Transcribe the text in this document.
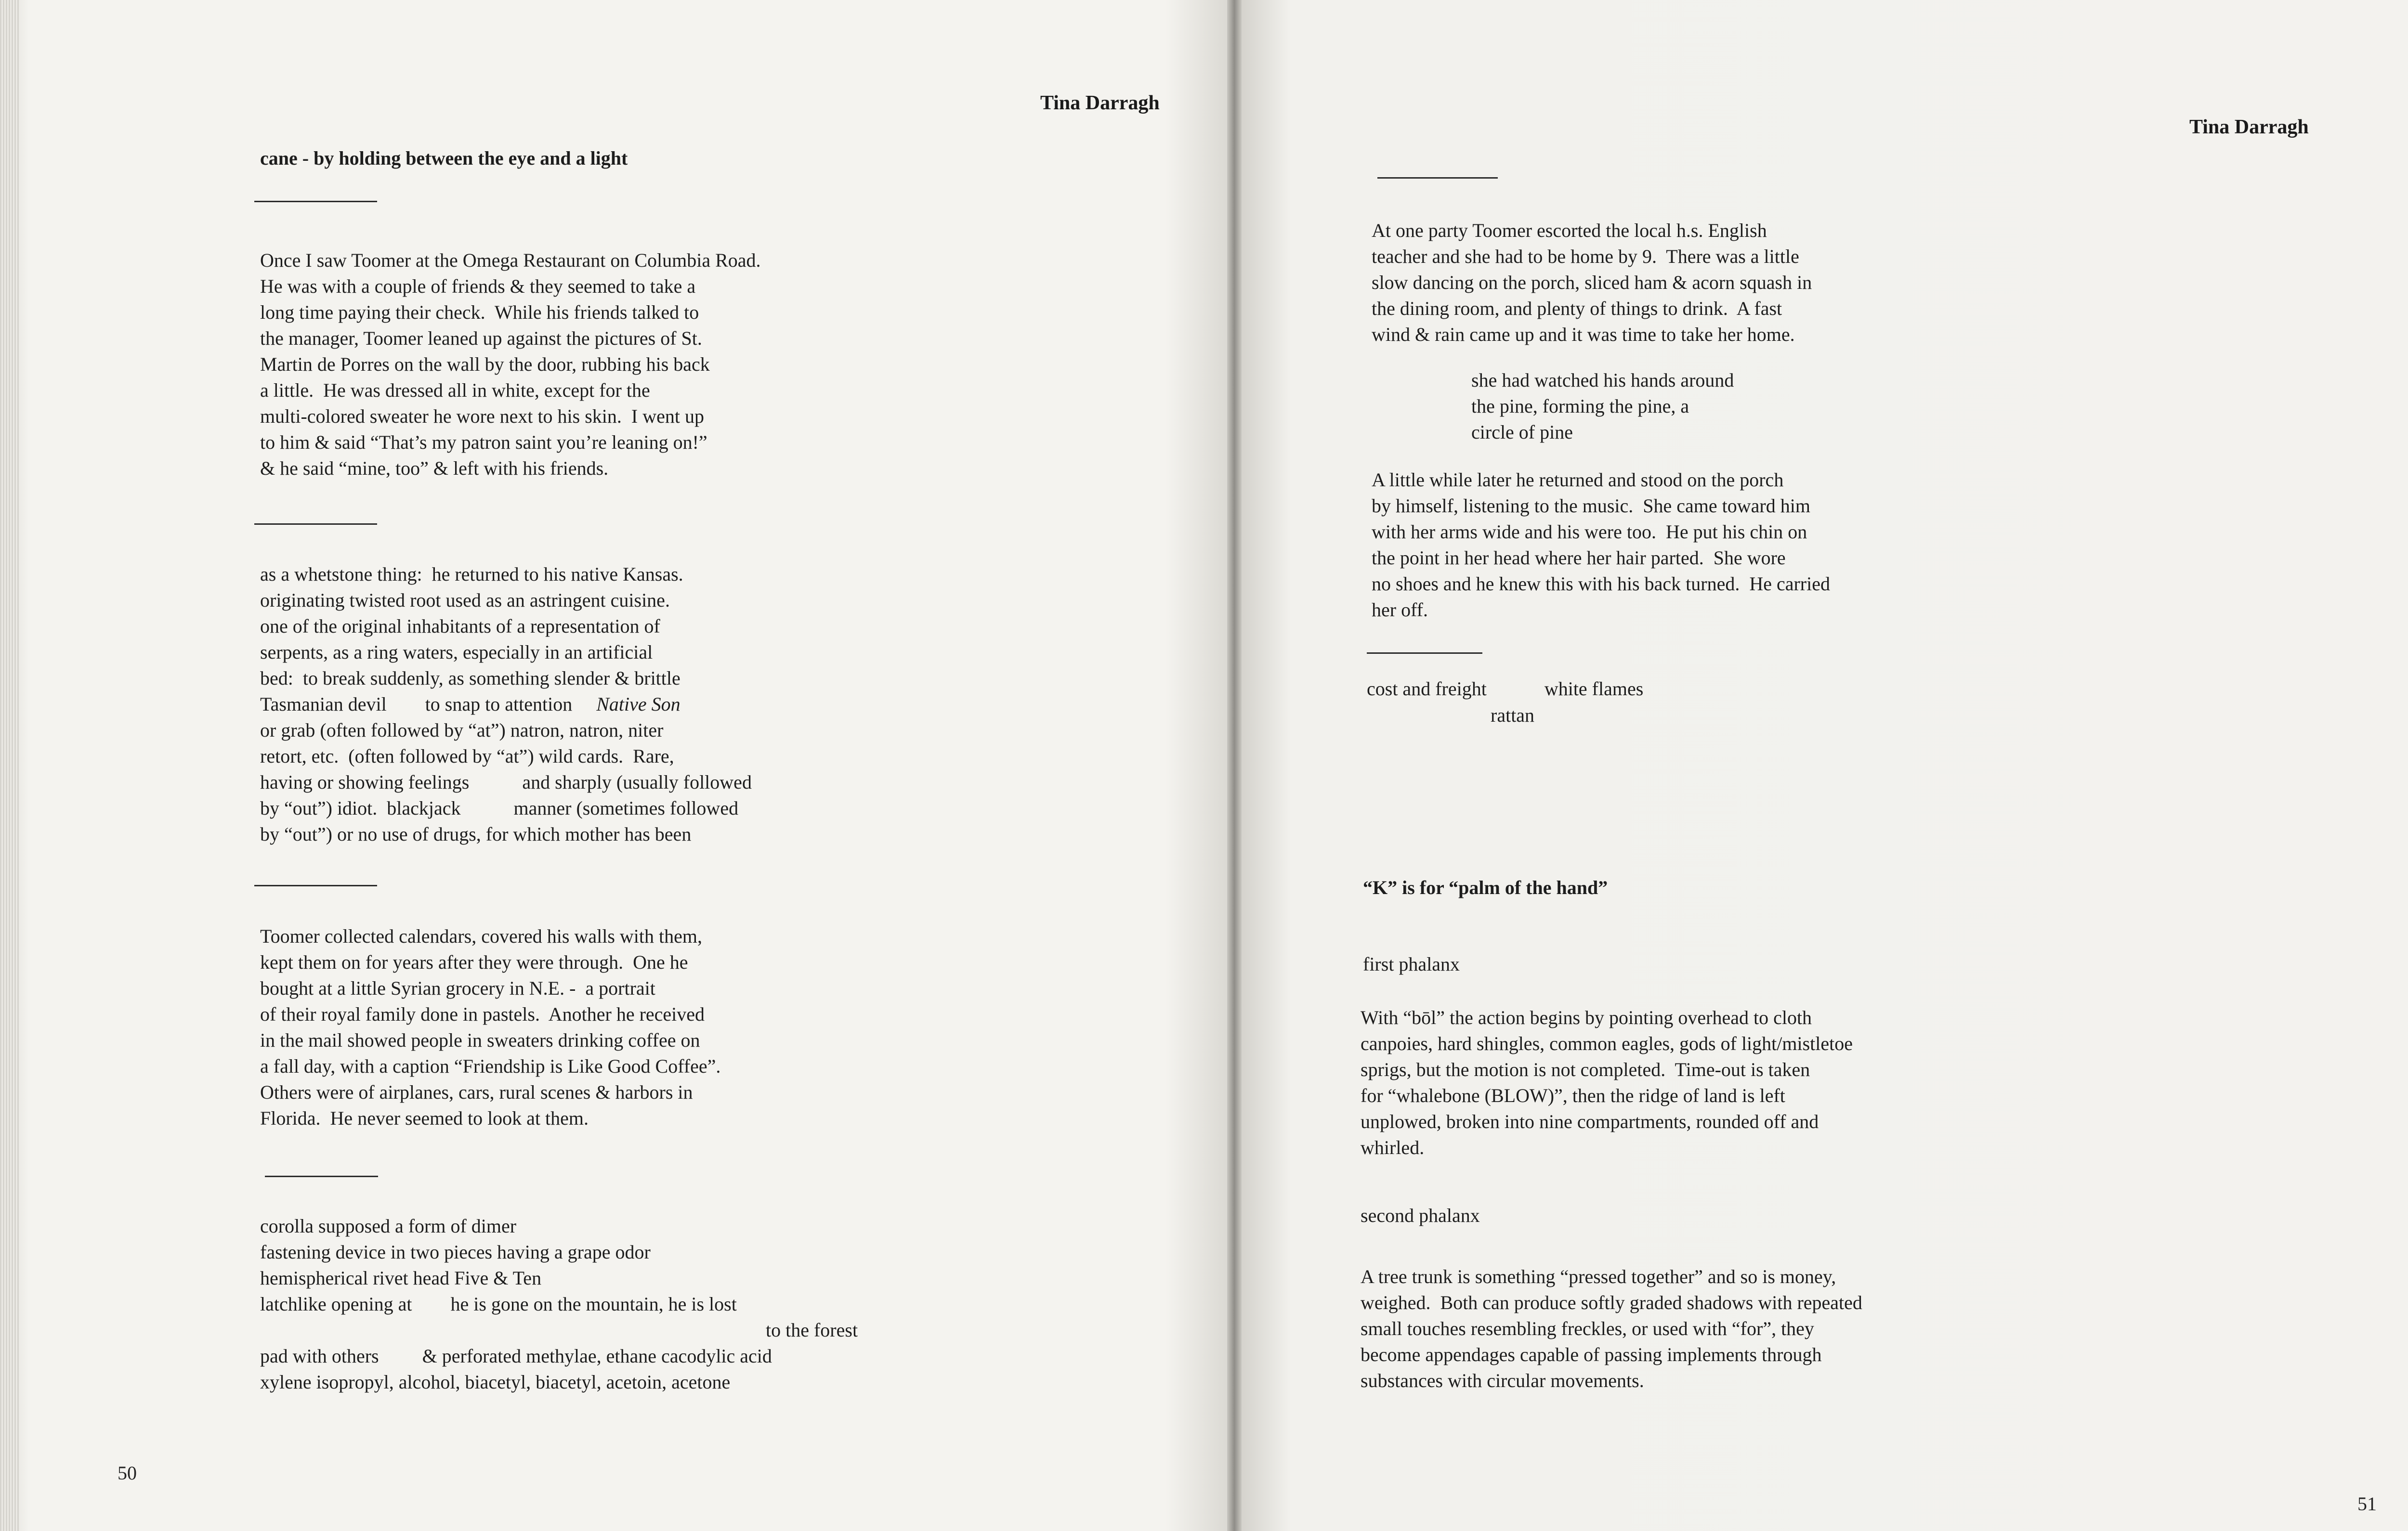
Tina Darragh
cane - by holding between the eye and a light
Once I saw Toomer at the Omega Restaurant on Columbia Road.
He was with a couple of friends & they seemed to take a
long time paying their check.  While his friends talked to
the manager, Toomer leaned up against the pictures of St.
Martin de Porres on the wall by the door, rubbing his back
a little.  He was dressed all in white, except for the
multi-colored sweater he wore next to his skin.  I went up
to him & said “That’s my patron saint you’re leaning on!”
& he said “mine, too” & left with his friends.
as a whetstone thing:  he returned to his native Kansas.
originating twisted root used as an astringent cuisine.
one of the original inhabitants of a representation of
serpents, as a ring waters, especially in an artificial
bed:  to break suddenly, as something slender & brittle
Tasmanian devil to snap to attention Native Son
or grab (often followed by “at”) natron, natron, niter
retort, etc.  (often followed by “at”) wild cards.  Rare,
having or showing feelings	and sharply (usually followed
by “out”) idiot.  blackjack	manner (sometimes followed
by “out”) or no use of drugs, for which mother has been
Toomer collected calendars, covered his walls with them,
kept them on for years after they were through.  One he
bought at a little Syrian grocery in N.E. -  a portrait
of their royal family done in pastels.  Another he received
in the mail showed people in sweaters drinking coffee on
a fall day, with a caption “Friendship is Like Good Coffee”.
Others were of airplanes, cars, rural scenes & harbors in
Florida.  He never seemed to look at them.
corolla supposed a form of dimer
fastening device in two pieces having a grape odor
hemispherical rivet head Five & Ten
latchlike opening at he is gone on the mountain, he is lost
to the forest
pad with others & perforated methylae, ethane cacodylic acid
xylene isopropyl, alcohol, biacetyl, biacetyl, acetoin, acetone
50
Tina Darragh
At one party Toomer escorted the local h.s. English
teacher and she had to be home by 9.  There was a little
slow dancing on the porch, sliced ham & acorn squash in
the dining room, and plenty of things to drink.  A fast
wind & rain came up and it was time to take her home.
she had watched his hands around
the pine, forming the pine, a
circle of pine
A little while later he returned and stood on the porch
by himself, listening to the music.  She came toward him
with her arms wide and his were too.  He put his chin on
the point in her head where her hair parted.  She wore
no shoes and he knew this with his back turned.  He carried
her off.
cost and freight	white flames
rattan
“K” is for “palm of the hand”
first phalanx
With “bōl” the action begins by pointing overhead to cloth
canpoies, hard shingles, common eagles, gods of light/mistletoe
sprigs, but the motion is not completed.  Time-out is taken
for “whalebone (BLOW)”, then the ridge of land is left
unplowed, broken into nine compartments, rounded off and
whirled.
second phalanx
A tree trunk is something “pressed together” and so is money,
weighed.  Both can produce softly graded shadows with repeated
small touches resembling freckles, or used with “for”, they
become appendages capable of passing implements through
substances with circular movements.
51
